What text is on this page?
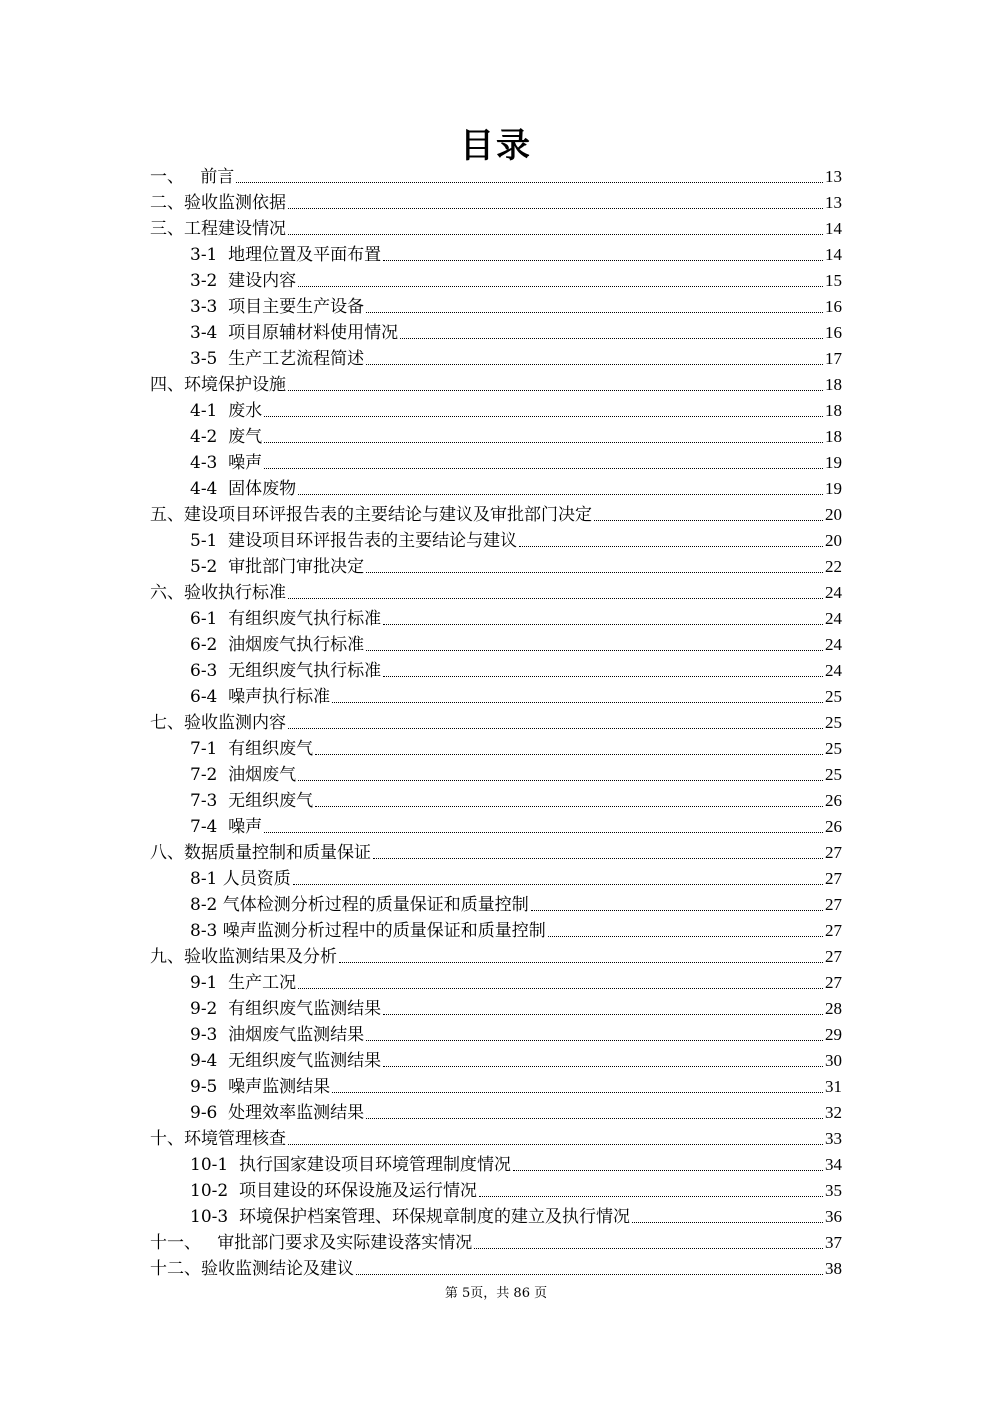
目录
一、   前言	13
二、验收监测依据	13
三、工程建设情况	14
3-1  地理位置及平面布置	14
3-2  建设内容	15
3-3  项目主要生产设备	16
3-4  项目原辅材料使用情况	16
3-5  生产工艺流程简述	17
四、环境保护设施	18
4-1  废水	18
4-2  废气	18
4-3  噪声	19
4-4  固体废物	19
五、建设项目环评报告表的主要结论与建议及审批部门决定	20
5-1  建设项目环评报告表的主要结论与建议	20
5-2  审批部门审批决定	22
六、验收执行标准	24
6-1  有组织废气执行标准	24
6-2  油烟废气执行标准	24
6-3  无组织废气执行标准	24
6-4  噪声执行标准	25
七、验收监测内容	25
7-1  有组织废气	25
7-2  油烟废气	25
7-3  无组织废气	26
7-4  噪声	26
八、数据质量控制和质量保证	27
8-1 人员资质	27
8-2 气体检测分析过程的质量保证和质量控制	27
8-3 噪声监测分析过程中的质量保证和质量控制	27
九、验收监测结果及分析	27
9-1  生产工况	27
9-2  有组织废气监测结果	28
9-3  油烟废气监测结果	29
9-4  无组织废气监测结果	30
9-5  噪声监测结果	31
9-6  处理效率监测结果	32
十、环境管理核查	33
10-1  执行国家建设项目环境管理制度情况	34
10-2  项目建设的环保设施及运行情况	35
10-3  环境保护档案管理、环保规章制度的建立及执行情况	36
十一、   审批部门要求及实际建设落实情况	37
十二、验收监测结论及建议	38
第 5页，共 86 页
